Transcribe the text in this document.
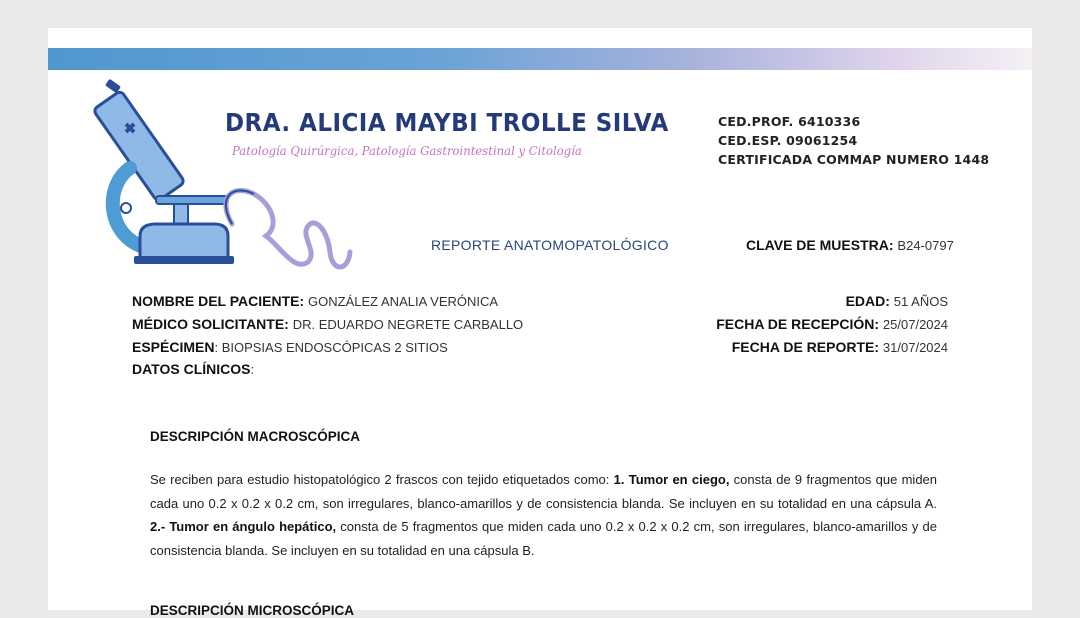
DRA. ALICIA MAYBI TROLLE SILVA
Patología Quirúrgica, Patología Gastrointestinal y Citología
CED.PROF. 6410336
CED.ESP. 09061254
CERTIFICADA COMMAP NUMERO 1448
REPORTE ANATOMOPATOLÓGICO	CLAVE DE MUESTRA: B24-0797
NOMBRE DEL PACIENTE: GONZÁLEZ ANALIA VERÓNICA
MÉDICO SOLICITANTE: DR. EDUARDO NEGRETE CARBALLO
ESPÉCIMEN: BIOPSIAS ENDOSCÓPICAS 2 SITIOS
DATOS CLÍNICOS:
EDAD: 51 AÑOS
FECHA DE RECEPCIÓN: 25/07/2024
FECHA DE REPORTE: 31/07/2024
DESCRIPCIÓN MACROSCÓPICA

Se reciben para estudio histopatológico 2 frascos con tejido etiquetados como: 1. Tumor en ciego, consta de 9 fragmentos que miden cada uno 0.2 x 0.2 x 0.2 cm, son irregulares, blanco-amarillos y de consistencia blanda. Se incluyen en su totalidad en una cápsula A. 2.- Tumor en ángulo hepático, consta de 5 fragmentos que miden cada uno 0.2 x 0.2 x 0.2 cm, son irregulares, blanco-amarillos y de consistencia blanda. Se incluyen en su totalidad en una cápsula B.

DESCRIPCIÓN MICROSCÓPICA
